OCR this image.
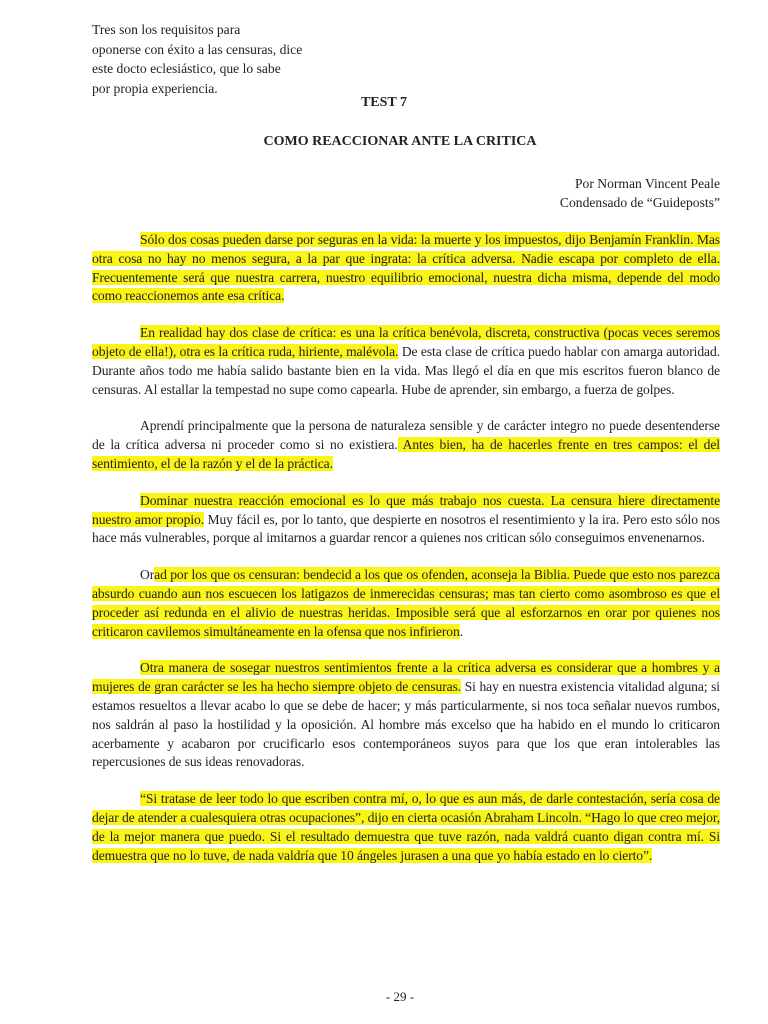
Tres son los requisitos para
oponerse con éxito a las censuras, dice
este docto eclesiástico, que lo sabe
por propia experiencia.
TEST 7
COMO REACCIONAR ANTE LA CRITICA
Por Norman Vincent Peale
Condensado de “Guideposts”

Sólo dos cosas pueden darse por seguras en la vida: la muerte y los impuestos, dijo Benjamín Franklin. Mas otra cosa no hay no menos segura, a la par que ingrata: la crítica adversa. Nadie escapa por completo de ella. Frecuentemente será que nuestra carrera, nuestro equilibrio emocional, nuestra dicha misma, depende del modo como reaccionemos ante esa crítica.

En realidad hay dos clase de crítica: es una la crítica benévola, discreta, constructiva (pocas veces seremos objeto de ella!), otra es la crítica ruda, hiriente, malévola. De esta clase de crítica puedo hablar con amarga autoridad. Durante años todo me había salido bastante bien en la vida. Mas llegó el día en que mis escritos fueron blanco de censuras. Al estallar la tempestad no supe como capearla. Hube de aprender, sin embargo, a fuerza de golpes.

Aprendí principalmente que la persona de naturaleza sensible y de carácter integro no puede desentenderse de la crítica adversa ni proceder como si no existiera. Antes bien, ha de hacerles frente en tres campos: el del sentimiento, el de la razón y el de la práctica.

Dominar nuestra reacción emocional es lo que más trabajo nos cuesta. La censura hiere directamente nuestro amor propio. Muy fácil es, por lo tanto, que despierte en nosotros el resentimiento y la ira. Pero esto sólo nos hace más vulnerables, porque al imitarnos a guardar rencor a quienes nos critican sólo conseguimos envenenarnos.

Orad por los que os censuran: bendecid a los que os ofenden, aconseja la Biblia. Puede que esto nos parezca absurdo cuando aun nos escuecen los latigazos de inmerecidas censuras; mas tan cierto como asombroso es que el proceder así redunda en el alivio de nuestras heridas. Imposible será que al esforzarnos en orar por quienes nos criticaron cavilemos simultáneamente en la ofensa que nos infirieron.

Otra manera de sosegar nuestros sentimientos frente a la crítica adversa es considerar que a hombres y a mujeres de gran carácter se les ha hecho siempre objeto de censuras. Si hay en nuestra existencia vitalidad alguna; si estamos resueltos a llevar acabo lo que se debe de hacer; y más particularmente, si nos toca señalar nuevos rumbos, nos saldrán al paso la hostilidad y la oposición. Al hombre más excelso que ha habido en el mundo lo criticaron acerbamente y acabaron por crucificarlo esos contemporáneos suyos para que los que eran intolerables las repercusiones de sus ideas renovadoras.

“Si tratase de leer todo lo que escriben contra mí, o, lo que es aun más, de darle contestación, sería cosa de dejar de atender a cualesquiera otras ocupaciones”, dijo en cierta ocasión Abraham Lincoln. “Hago lo que creo mejor, de la mejor manera que puedo. Si el resultado demuestra que tuve razón, nada valdrá cuanto digan contra mí. Si demuestra que no lo tuve, de nada valdría que 10 ángeles jurasen a una que yo había estado en lo cierto”.

- 29 -
